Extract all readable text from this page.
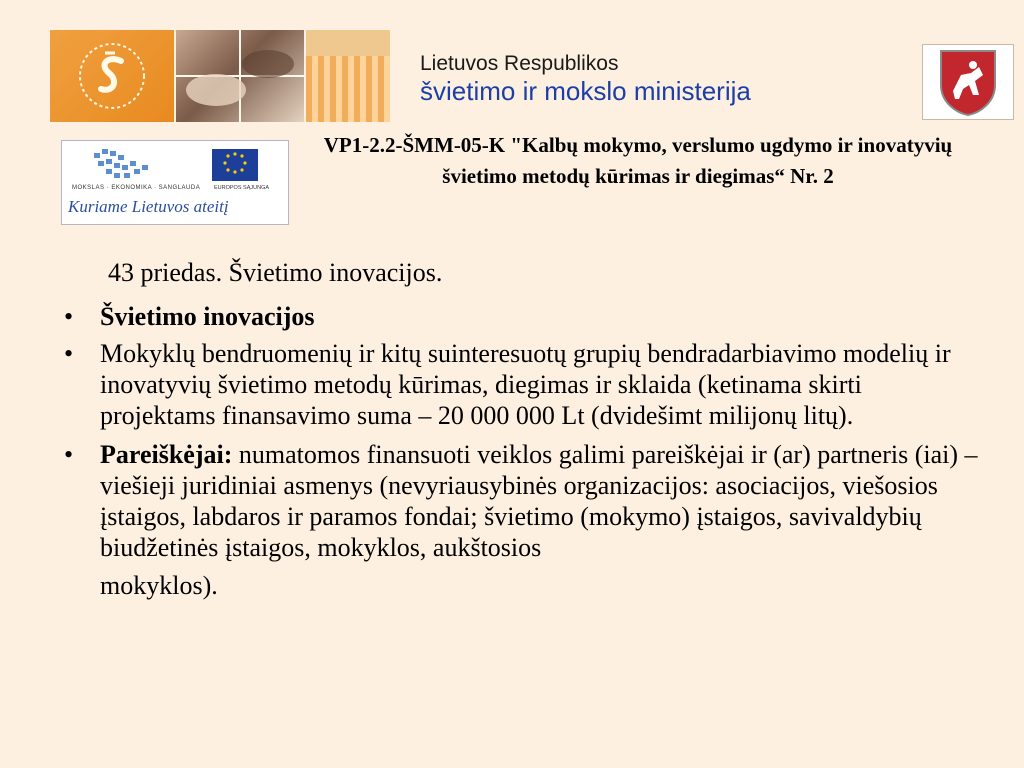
Lietuvos Respublikos
švietimo ir mokslo ministerija
MOKSLAS · EKONOMIKA · SANGLAUDA	EUROPOS SĄJUNGA
Kuriame Lietuvos ateitį
VP1-2.2-ŠMM-05-K "Kalbų mokymo, verslumo ugdymo ir inovatyvių švietimo metodų kūrimas ir diegimas“ Nr. 2
43 priedas. Švietimo inovacijos.
• Švietimo inovacijos
• Mokyklų bendruomenių ir kitų suinteresuotų grupių bendradarbiavimo modelių ir inovatyvių švietimo metodų kūrimas, diegimas ir sklaida (ketinama skirti projektams finansavimo suma – 20 000 000 Lt (dvidešimt milijonų litų).
• Pareiškėjai: numatomos finansuoti veiklos galimi pareiškėjai ir (ar) partneris (iai) – viešieji juridiniai asmenys (nevyriausybinės organizacijos: asociacijos, viešosios įstaigos, labdaros ir paramos fondai; švietimo (mokymo) įstaigos, savivaldybių biudžetinės įstaigos, mokyklos, aukštosios
mokyklos).
